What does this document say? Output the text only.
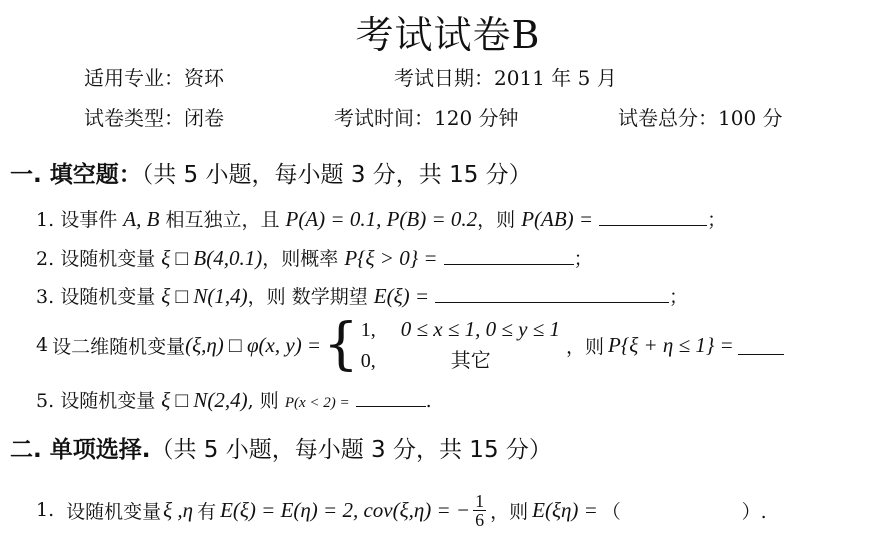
考试试卷B
适用专业：资环	考试日期：2011 年 5 月
试卷类型：闭卷	考试时间：120 分钟	试卷总分：100 分
一. 填空题：（共 5 小题，每小题 3 分，共 15 分）
1. 设事件 A, B 相互独立，且 P(A) = 0.1, P(B) = 0.2，则 P(AB) =	；
2. 设随机变量 ξ □ B(4,0.1)，则概率 P{ξ > 0} =	；
3. 设随机变量 ξ □ N(1,4)，则 数学期望 E(ξ) =	；
4 设二维随机变量 (ξ,η) □ φ(x, y) = { 1, 0 ≤ x ≤ 1, 0 ≤ y ≤ 1
0,	其它
，则 P{ξ + η ≤ 1} =
5. 设随机变量 ξ □ N(2,4), 则 P(x < 2) =	.
二. 单项选择.（共 5 小题，每小题 3 分，共 15 分）
1. 设随机变量 ξ ,η 有 E(ξ) = E(η) = 2, cov(ξ,η) = − $\frac{1}{6}$ ，则 E(ξη) = （                    ）.
